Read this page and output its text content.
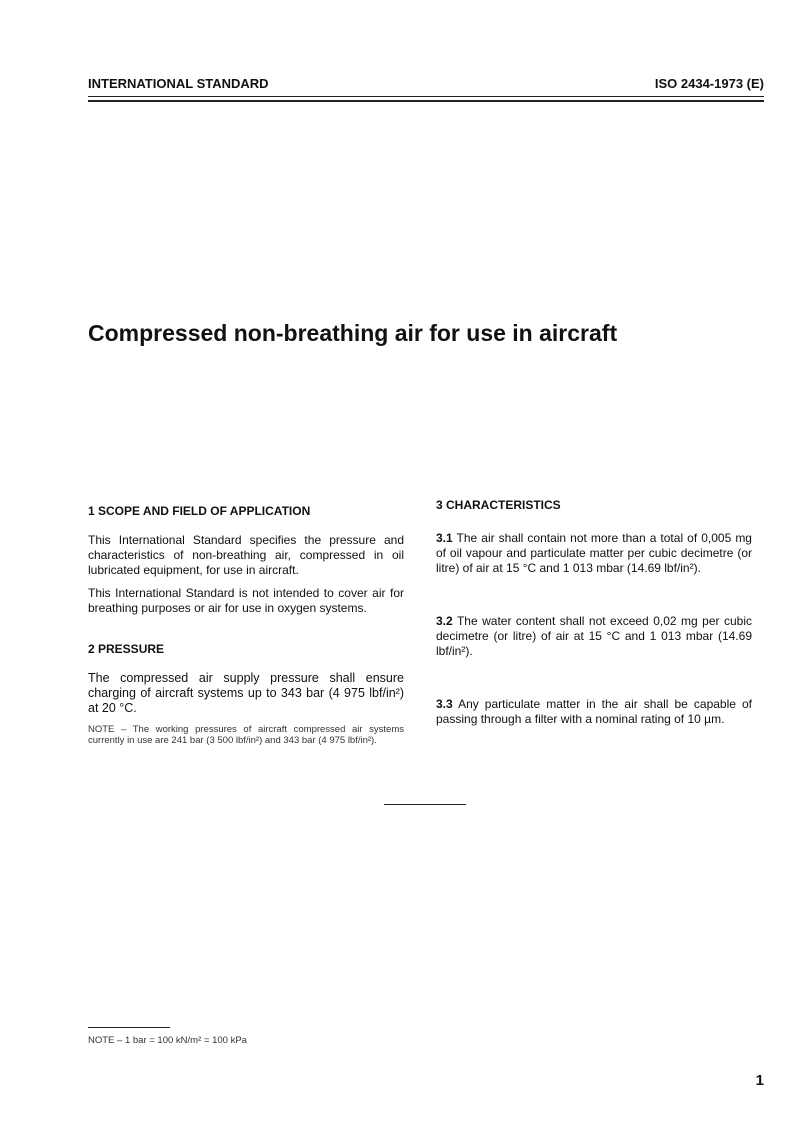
INTERNATIONAL STANDARD	ISO 2434-1973 (E)
Compressed non-breathing air for use in aircraft
1 SCOPE AND FIELD OF APPLICATION

This International Standard specifies the pressure and characteristics of non-breathing air, compressed in oil lubricated equipment, for use in aircraft.

This International Standard is not intended to cover air for breathing purposes or air for use in oxygen systems.

2 PRESSURE

The compressed air supply pressure shall ensure charging of aircraft systems up to 343 bar (4 975 lbf/in²) at 20 °C.

NOTE – The working pressures of aircraft compressed air systems currently in use are 241 bar (3 500 lbf/in²) and 343 bar (4 975 lbf/in²).

3 CHARACTERISTICS

3.1 The air shall contain not more than a total of 0,005 mg of oil vapour and particulate matter per cubic decimetre (or litre) of air at 15 °C and 1 013 mbar (14.69 lbf/in²).

3.2 The water content shall not exceed 0,02 mg per cubic decimetre (or litre) of air at 15 °C and 1 013 mbar (14.69 lbf/in²).

3.3 Any particulate matter in the air shall be capable of passing through a filter with a nominal rating of 10 µm.

NOTE – 1 bar = 100 kN/m² = 100 kPa
1
